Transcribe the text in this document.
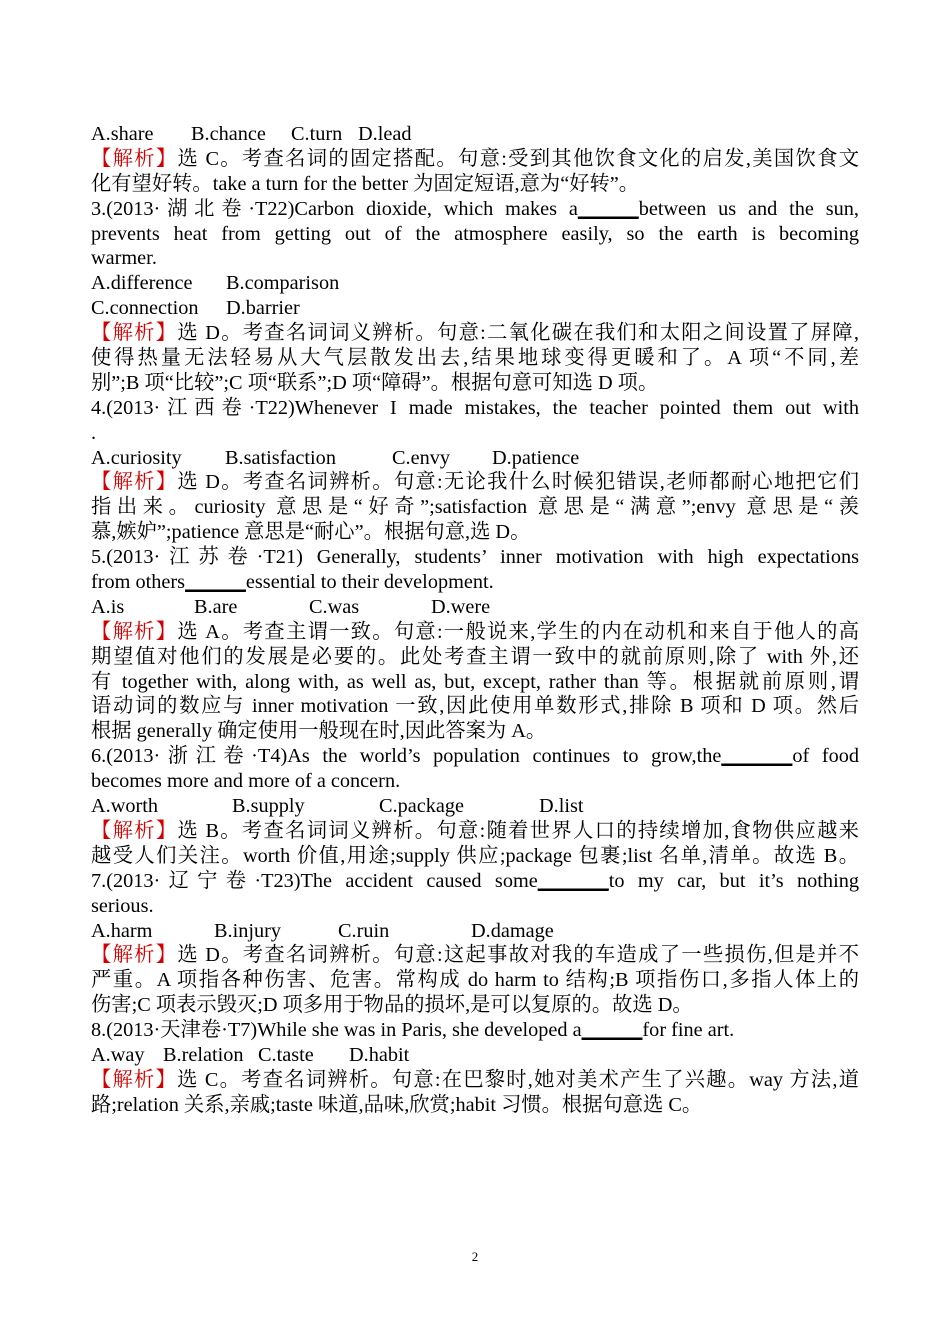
A.share B.chance C.turn D.lead
【解析】选 C。考查名词的固定搭配。句意:受到其他饮食文化的启发,美国饮食文
化有望好转。take a turn for the better 为固定短语,意为“好转”。
3.(2013·湖北卷·T22)Carbon dioxide, which makes a______between us and the sun,
prevents heat from getting out of the atmosphere easily, so the earth is becoming
warmer.
A.difference B.comparison
C.connection D.barrier
【解析】选 D。考查名词词义辨析。句意:二氧化碳在我们和太阳之间设置了屏障,
使得热量无法轻易从大气层散发出去,结果地球变得更暖和了。A 项“不同,差
别”;B 项“比较”;C 项“联系”;D 项“障碍”。根据句意可知选 D 项。
4.(2013·江西卷·T22)Whenever I made mistakes, the teacher pointed them out with
.
A.curiosity B.satisfaction	C.envy D.patience
【解析】选 D。考查名词辨析。句意:无论我什么时候犯错误,老师都耐心地把它们
指出来。curiosity 意思是“好奇”;satisfaction 意思是“满意”;envy 意思是“羡
慕,嫉妒”;patience 意思是“耐心”。根据句意,选 D。
5.(2013·江苏卷·T21) Generally, students’ inner motivation with high expectations
from others______essential to their development.
A.is	B.are	C.was	D.were
【解析】选 A。考查主谓一致。句意:一般说来,学生的内在动机和来自于他人的高
期望值对他们的发展是必要的。此处考查主谓一致中的就前原则,除了 with 外,还
有 together with, along with, as well as, but, except, rather than 等。根据就前原则,谓
语动词的数应与 inner motivation 一致,因此使用单数形式,排除 B 项和 D 项。然后
根据 generally 确定使用一般现在时,因此答案为 A。
6.(2013·浙江卷·T4)As the world’s population continues to grow,the_______of food
becomes more and more of a concern.
A.worth	B.supply	C.package	D.list
【解析】选 B。考查名词词义辨析。句意:随着世界人口的持续增加,食物供应越来
越受人们关注。worth 价值,用途;supply 供应;package 包裹;list 名单,清单。故选 B。
7.(2013·辽宁卷·T23)The accident caused some_______to my car, but it’s nothing
serious.
A.harm	B.injury	C.ruin	D.damage
【解析】选 D。考查名词辨析。句意:这起事故对我的车造成了一些损伤,但是并不
严重。A 项指各种伤害、危害。常构成 do harm to 结构;B 项指伤口,多指人体上的
伤害;C 项表示毁灭;D 项多用于物品的损坏,是可以复原的。故选 D。
8.(2013·天津卷·T7)While she was in Paris, she developed a______for fine art.
A.way B.relation C.taste D.habit
【解析】选 C。考查名词辨析。句意:在巴黎时,她对美术产生了兴趣。way 方法,道
路;relation 关系,亲戚;taste 味道,品味,欣赏;habit 习惯。根据句意选 C。
2
